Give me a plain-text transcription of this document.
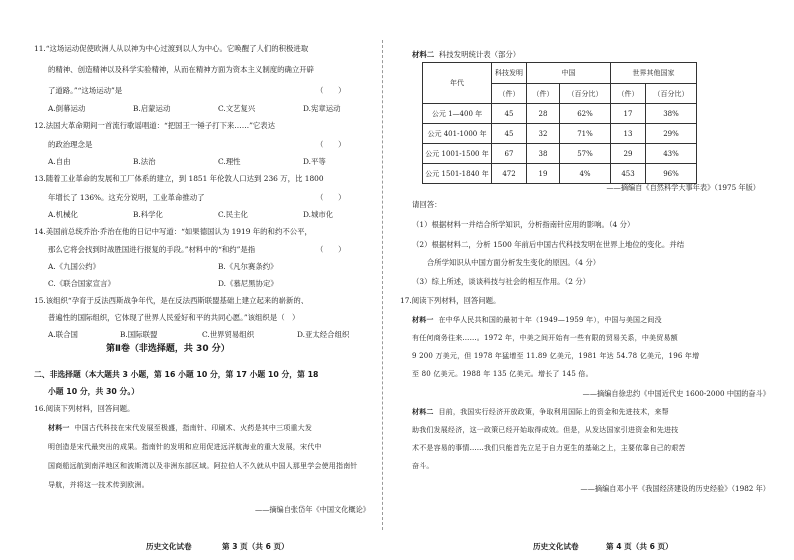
11.“这场运动促使欧洲人从以神为中心过渡到以人为中心。它唤醒了人们的积极进取
的精神、创造精神以及科学实验精神，从而在精神方面为资本主义制度的确立开辟
了道路。”“这场运动”是	（　　）
A.倒幕运动	B.启蒙运动	C.文艺复兴	D.宪章运动
12.法国大革命期间一首流行歌谣唱道：“把国王一锤子打下来……”它表达
的政治理念是	（　　）
A.自由	B.法治	C.理性	D.平等
13.随着工业革命的发展和工厂体系的建立，到 1851 年伦敦人口达到 236 万，比 1800
年增长了 136%。这充分说明，工业革命推动了	（　　）
A.机械化	B.科学化	C.民主化	D.城市化
14.美国前总统乔治·乔治在他的日记中写道：“如果德国认为 1919 年的和约不公平，
那么它将会找到时战胜国进行报复的手段。”材料中的“和约”是指	（　　）
A.《九国公约》	B.《凡尔赛条约》
C.《联合国家宣言》	D.《慕尼黑协定》
15.该组织“孕育于反法西斯战争年代，是在反法西斯联盟基础上建立起来的崭新的、
普遍性的国际组织，它体现了世界人民爱好和平的共同心愿。”该组织是（　）
A.联合国	B.国际联盟	C.世界贸易组织	D.亚太经合组织
第Ⅱ卷（非选择题，共 30 分）
二、非选择题（本大题共 3 小题，第 16 小题 10 分，第 17 小题 10 分，第 18
小题 10 分，共 30 分。）
16.阅读下列材料，回答问题。
材料一 中国古代科技在宋代发展至极盛，指南针、印刷术、火药是其中三项重大发
明创造是宋代最突出的成果。指南针的发明和应用促进远洋航海业的重大发展，宋代中
国商船远航到南洋地区和波斯湾以及非洲东部区域。阿拉伯人不久就从中国人那里学会使用指南针
导航，并将这一技术传到欧洲。
——摘编自张岱年《中国文化概论》
历史文化试卷	第 3 页（共 6 页）
材料二 科技发明统计表（部分）
年代	科技发明	中国		世界其他国家	
	（件）	（件）	（百分比）	（件）	（百分比）
公元 1—400 年	45	28	62%	17	38%
公元 401-1000 年	45	32	71%	13	29%
公元 1001-1500 年	67	38	57%	29	43%
公元 1501-1840 年	472	19	4%	453	96%
——摘编自《自然科学大事年表》（1975 年版）
请回答：
（1）根据材料一并结合所学知识，分析指南针应用的影响。（4 分）
（2）根据材料二，分析 1500 年前后中国古代科技发明在世界上地位的变化。并结
　　合所学知识从中国方面分析发生变化的原因。（4 分）
（3）综上所述，谈谈科技与社会的相互作用。（2 分）
17.阅读下列材料，回答问题。
材料一 在中华人民共和国的最初十年（1949—1959 年），中国与美国之间没
有任何商务往来……。1972 年，中美之间开始有一些有限的贸易关系，中美贸易额
9 200 万美元，但 1978 年猛增至 11.89 亿美元，1981 年达 54.78 亿美元，196 年增
至 80 亿美元。1988 年 135 亿美元。增长了 145 倍。
——摘编自徐忠约《中国近代史 1600-2000 中国的奋斗》
材料二 目前，我国实行经济开放政策，争取利用国际上的资金和先进技术，来帮
助我们发展经济，这一政策已经开始取得成效。但是，从发达国家引进资金和先进技
术不是容易的事情……我们只能首先立足于自力更生的基础之上，主要依靠自己的艰苦
奋斗。
——摘编自邓小平《我国经济建设的历史经验》（1982 年）
历史文化试卷	第 4 页（共 6 页）
